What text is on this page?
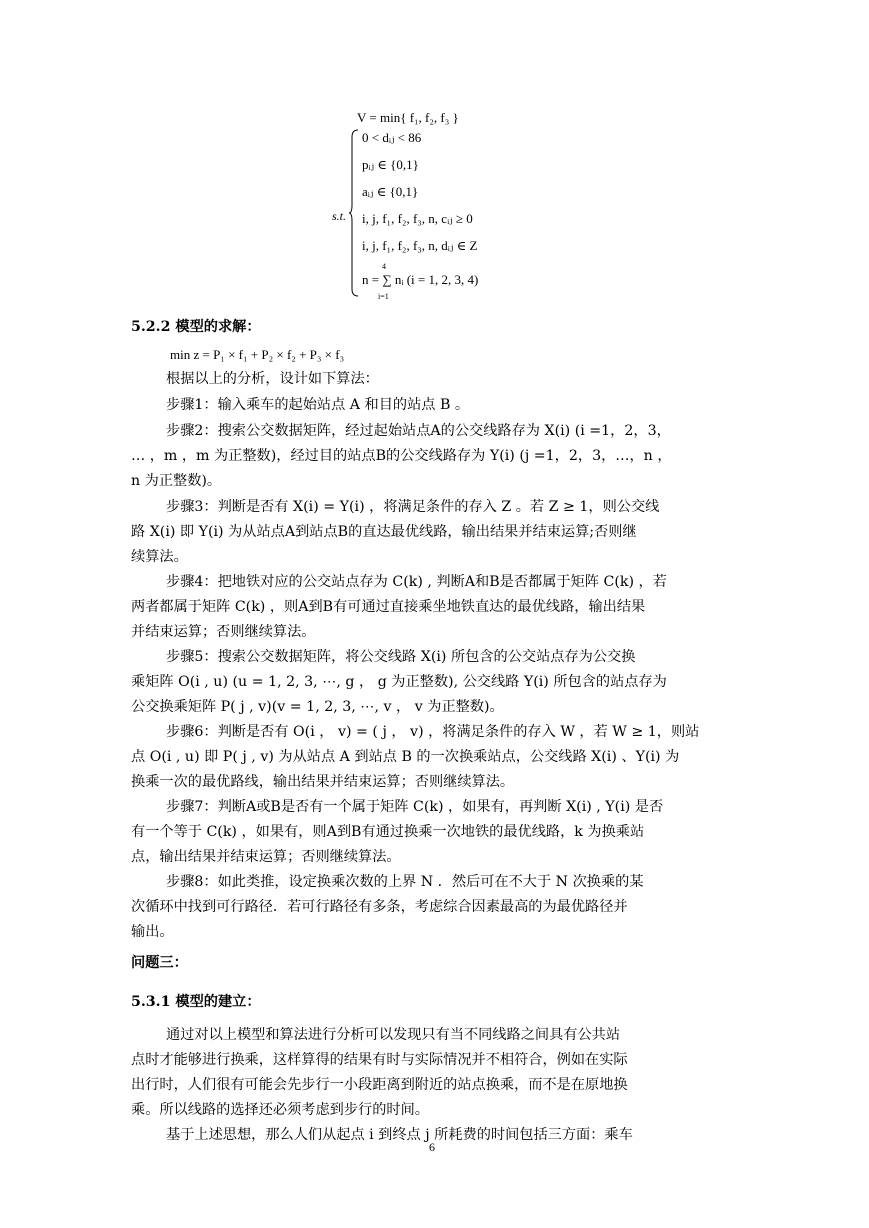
V = min{ f₁, f₂, f₃ }
s.t.
0 < dᵢⱼ < 86
pᵢⱼ ∈ {0,1}
aᵢⱼ ∈ {0,1}
i, j, f₁, f₂, f₃, n, cᵢⱼ ≥ 0
i, j, f₁, f₂, f₃, n, dᵢⱼ ∈ Z
n = ∑ nᵢ (i = 1, 2, 3, 4)
4
i=1
5.2.2 模型的求解：
min z = P₁ × f₁ + P₂ × f₂ + P₃ × f₃
根据以上的分析，设计如下算法：
步骤1：输入乘车的起始站点 A 和目的站点 B 。
步骤2：搜索公交数据矩阵，经过起始站点A的公交线路存为 X(i) (i =1，2，3，
… ，m ，m 为正整数)，经过目的站点B的公交线路存为 Y(i) (j =1，2，3，…，n ，
n 为正整数)。
步骤3：判断是否有 X(i) = Y(i) ，将满足条件的存入 Z 。若 Z ≥ 1，则公交线
路 X(i) 即 Y(i) 为从站点A到站点B的直达最优线路，输出结果并结束运算;否则继
续算法。
步骤4：把地铁对应的公交站点存为 C(k) , 判断A和B是否都属于矩阵 C(k) ，若
两者都属于矩阵 C(k) ，则A到B有可通过直接乘坐地铁直达的最优线路，输出结果
并结束运算；否则继续算法。
步骤5：搜索公交数据矩阵，将公交线路 X(i) 所包含的公交站点存为公交换
乘矩阵 O(i , u) (u = 1, 2, 3, ⋯, g ， g 为正整数), 公交线路 Y(i) 所包含的站点存为
公交换乘矩阵 P( j , v)(v = 1, 2, 3, ⋯, v ， v 为正整数)。
步骤6：判断是否有 O(i ， v) = ( j ， v) ，将满足条件的存入 W ，若 W ≥ 1，则站
点 O(i , u) 即 P( j , v) 为从站点 A 到站点 B 的一次换乘站点，公交线路 X(i) 、Y(i) 为
换乘一次的最优路线，输出结果并结束运算；否则继续算法。
步骤7：判断A或B是否有一个属于矩阵 C(k) ，如果有，再判断 X(i) , Y(i) 是否
有一个等于 C(k) ，如果有，则A到B有通过换乘一次地铁的最优线路，k 为换乘站
点，输出结果并结束运算；否则继续算法。
步骤8：如此类推，设定换乘次数的上界 N ．然后可在不大于 N 次换乘的某
次循环中找到可行路径．若可行路径有多条，考虑综合因素最高的为最优路径并
输出。
问题三：
5.3.1 模型的建立：
通过对以上模型和算法进行分析可以发现只有当不同线路之间具有公共站
点时才能够进行换乘，这样算得的结果有时与实际情况并不相符合，例如在实际
出行时，人们很有可能会先步行一小段距离到附近的站点换乘，而不是在原地换
乘。所以线路的选择还必须考虑到步行的时间。
基于上述思想，那么人们从起点 i 到终点 j 所耗费的时间包括三方面：乘车
6
